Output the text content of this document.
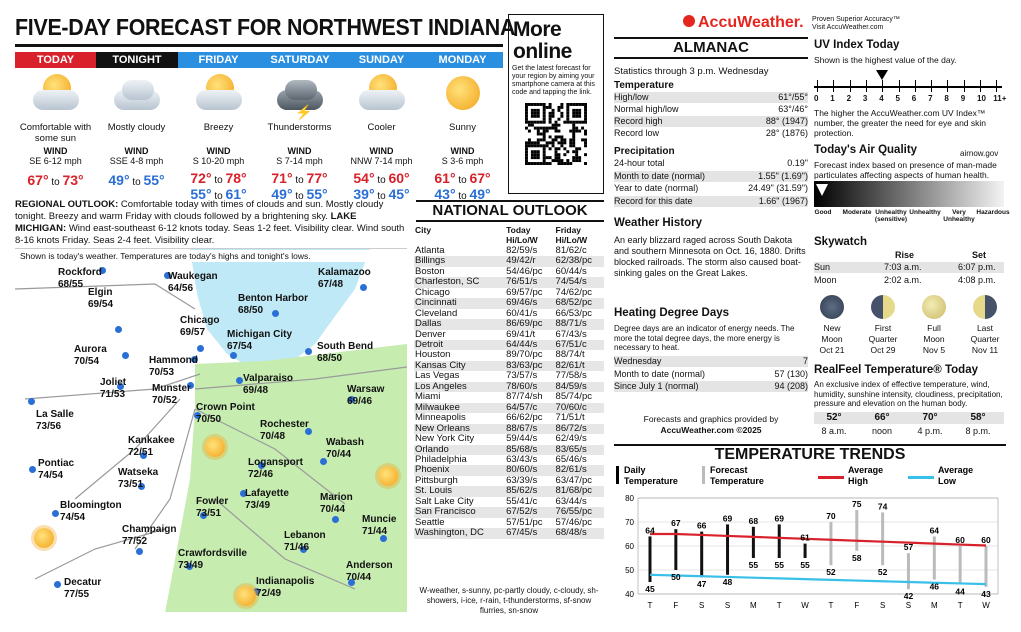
FIVE-DAY FORECAST FOR NORTHWEST INDIANA
TODAY
Comfortable with some sun
WIND
SE 6-12 mph
67° to 73°
TONIGHT
Mostly cloudy
WIND
SSE 4-8 mph
49° to 55°
FRIDAY
Breezy
WIND
S 10-20 mph
72° to 78°
55° to 61°
SATURDAY
⚡
Thunderstorms
WIND
S 7-14 mph
71° to 77°
49° to 55°
SUNDAY
Cooler
WIND
NNW 7-14 mph
54° to 60°
39° to 45°
MONDAY
Sunny
WIND
S 3-6 mph
61° to 67°
43° to 49°
REGIONAL OUTLOOK: Comfortable today with times of clouds and sun. Mostly cloudy tonight. Breezy and warm Friday with clouds followed by a brightening sky. LAKE MICHIGAN: Wind east-southeast 6-12 knots today. Seas 1-2 feet. Visibility clear. Wind south 8-16 knots Friday. Seas 2-4 feet. Visibility clear.
Shown is today's weather. Temperatures are today's highs and tonight's lows.
Rockford
68/55
Waukegan
64/56
Kalamazoo
67/48
Benton Harbor
68/50
Elgin
69/54
Chicago
69/57	Michigan City
67/54
Aurora
70/54
South Bend
68/50
Hammond
70/53
Joliet
71/53
Munster
70/52
Valparaiso
69/48	Warsaw
69/46
La Salle
73/56
Crown Point
70/50
Kankakee
72/51
Rochester
70/48
Wabash
70/44
Pontiac
74/54
Logansport
72/46
Watseka
73/51
Lafayette
73/49
Fowler
73/51
Marion
70/44
Bloomington
74/54	Muncie
71/44
Champaign
77/52
Lebanon
71/46
Crawfordsville
73/49	Anderson
70/44
Indianapolis
72/49
Decatur
77/55
More online
Get the latest forecast for your region by aiming your smartphone camera at this code and tapping the link.
NATIONAL OUTLOOK
City	Today	Friday
	Hi/Lo/W	Hi/Lo/W
Atlanta	82/59/s	81/62/c
Billings	49/42/r	62/38/pc
Boston	54/46/pc	60/44/s
Charleston, SC	76/51/s	74/54/s
Chicago	69/57/pc	74/62/pc
Cincinnati	69/46/s	68/52/pc
Cleveland	60/41/s	66/53/pc
Dallas	86/69/pc	88/71/s
Denver	69/41/t	67/43/s
Detroit	64/44/s	67/51/c
Houston	89/70/pc	88/74/t
Kansas City	83/63/pc	82/61/t
Las Vegas	73/57/s	77/58/s
Los Angeles	78/60/s	84/59/s
Miami	87/74/sh	85/74/pc
Milwaukee	64/57/c	70/60/c
Minneapolis	66/62/pc	71/51/t
New Orleans	88/67/s	86/72/s
New York City	59/44/s	62/49/s
Orlando	85/68/s	83/65/s
Philadelphia	63/43/s	65/46/s
Phoenix	80/60/s	82/61/s
Pittsburgh	63/39/s	63/47/pc
St. Louis	85/62/s	81/68/pc
Salt Lake City	55/41/c	63/44/s
San Francisco	67/52/s	76/55/pc
Seattle	57/51/pc	57/46/pc
Washington, DC	67/45/s	68/48/s
W-weather, s-sunny, pc-partly cloudy, c-cloudy, sh-showers, i-ice, r-rain, t-thunderstorms, sf-snow flurries, sn-snow
AccuWeather. Proven Superior Accuracy™
Visit AccuWeather.com
ALMANAC
Statistics through 3 p.m. Wednesday
Temperature
High/low	61°/55°
Normal high/low	63°/46°
Record high	88° (1947)
Record low	28° (1876)
Precipitation
24-hour total	0.19"
Month to date (normal)	1.55" (1.69")
Year to date (normal)	24.49" (31.59")
Record for this date	1.66" (1967)
Weather History
An early blizzard raged across South Dakota and southern Minnesota on Oct. 16, 1880. Drifts blocked railroads. The storm also caused boat-sinking gales on the Great Lakes.
Heating Degree Days
Degree days are an indicator of energy needs. The more the total degree days, the more energy is necessary to heat.
Wednesday	7
Month to date (normal)	57 (130)
Since July 1 (normal)	94 (208)
Forecasts and graphics provided by
AccuWeather.com ©2025
UV Index Today
Shown is the highest value of the day.
0 1 2 3 4 5 6 7 8 9 10 11+
The higher the AccuWeather.com UV Index™ number, the greater the need for eye and skin protection.
Today's Air Quality	airnow.gov
Forecast index based on presence of man-made particulates affecting aspects of human health.
Good	Moderate Unhealthy (sensitive)
Unhealthy	Very Unhealthy
Hazardous
Skywatch
Rise	Set
Sun	7:03 a.m.	6:07 p.m.
Moon	2:02 a.m.	4:08 p.m.
New
Moon
Oct 21
First
Quarter
Oct 29
Full
Moon
Nov 5
Last
Quarter
Nov 11
RealFeel Temperature® Today
An exclusive index of effective temperature, wind, humidity, sunshine intensity, cloudiness, precipitation, pressure and elevation on the human body.
52°
8 a.m.
66°
noon
70°
4 p.m.
58°
8 p.m.
TEMPERATURE TRENDS
Daily
Temperature
Forecast
Temperature
Average
High
Average
Low
40
50
60
70
80
T	F	S	S M	T W T	F	S	S M	T W
64
45
67
50
66
47
69
48
68
55
69
55
61
55
70
52
75
58
74
52
57
42
64
46
60
44
60
43
